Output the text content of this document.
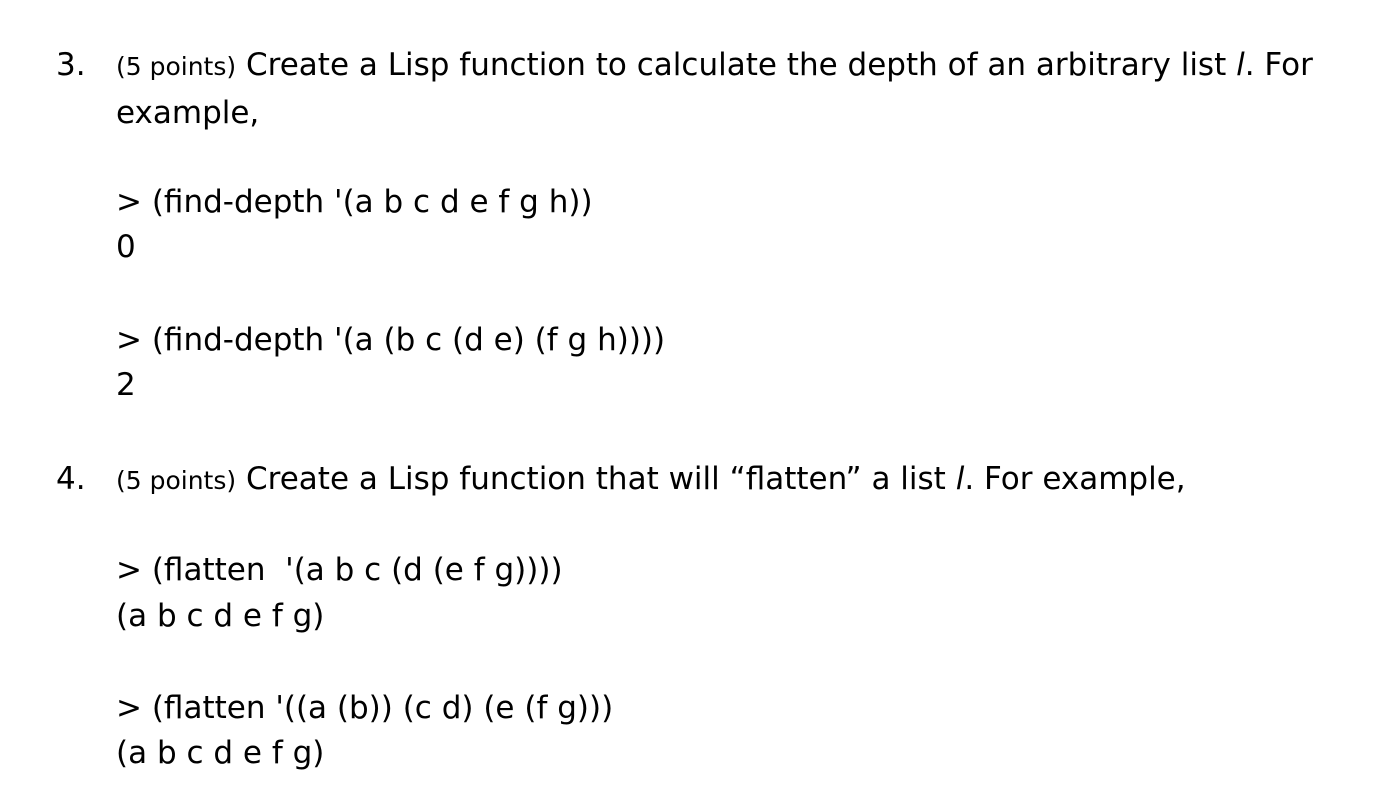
3. (5 points) Create a Lisp function to calculate the depth of an arbitrary list l. For example,
> (find-depth '(a b c d e f g h))
0
> (find-depth '(a (b c (d e) (f g h))))
2
4. (5 points) Create a Lisp function that will “flatten” a list l. For example,
> (flatten  '(a b c (d (e f g))))
(a b c d e f g)
> (flatten '((a (b)) (c d) (e (f g)))
(a b c d e f g)
